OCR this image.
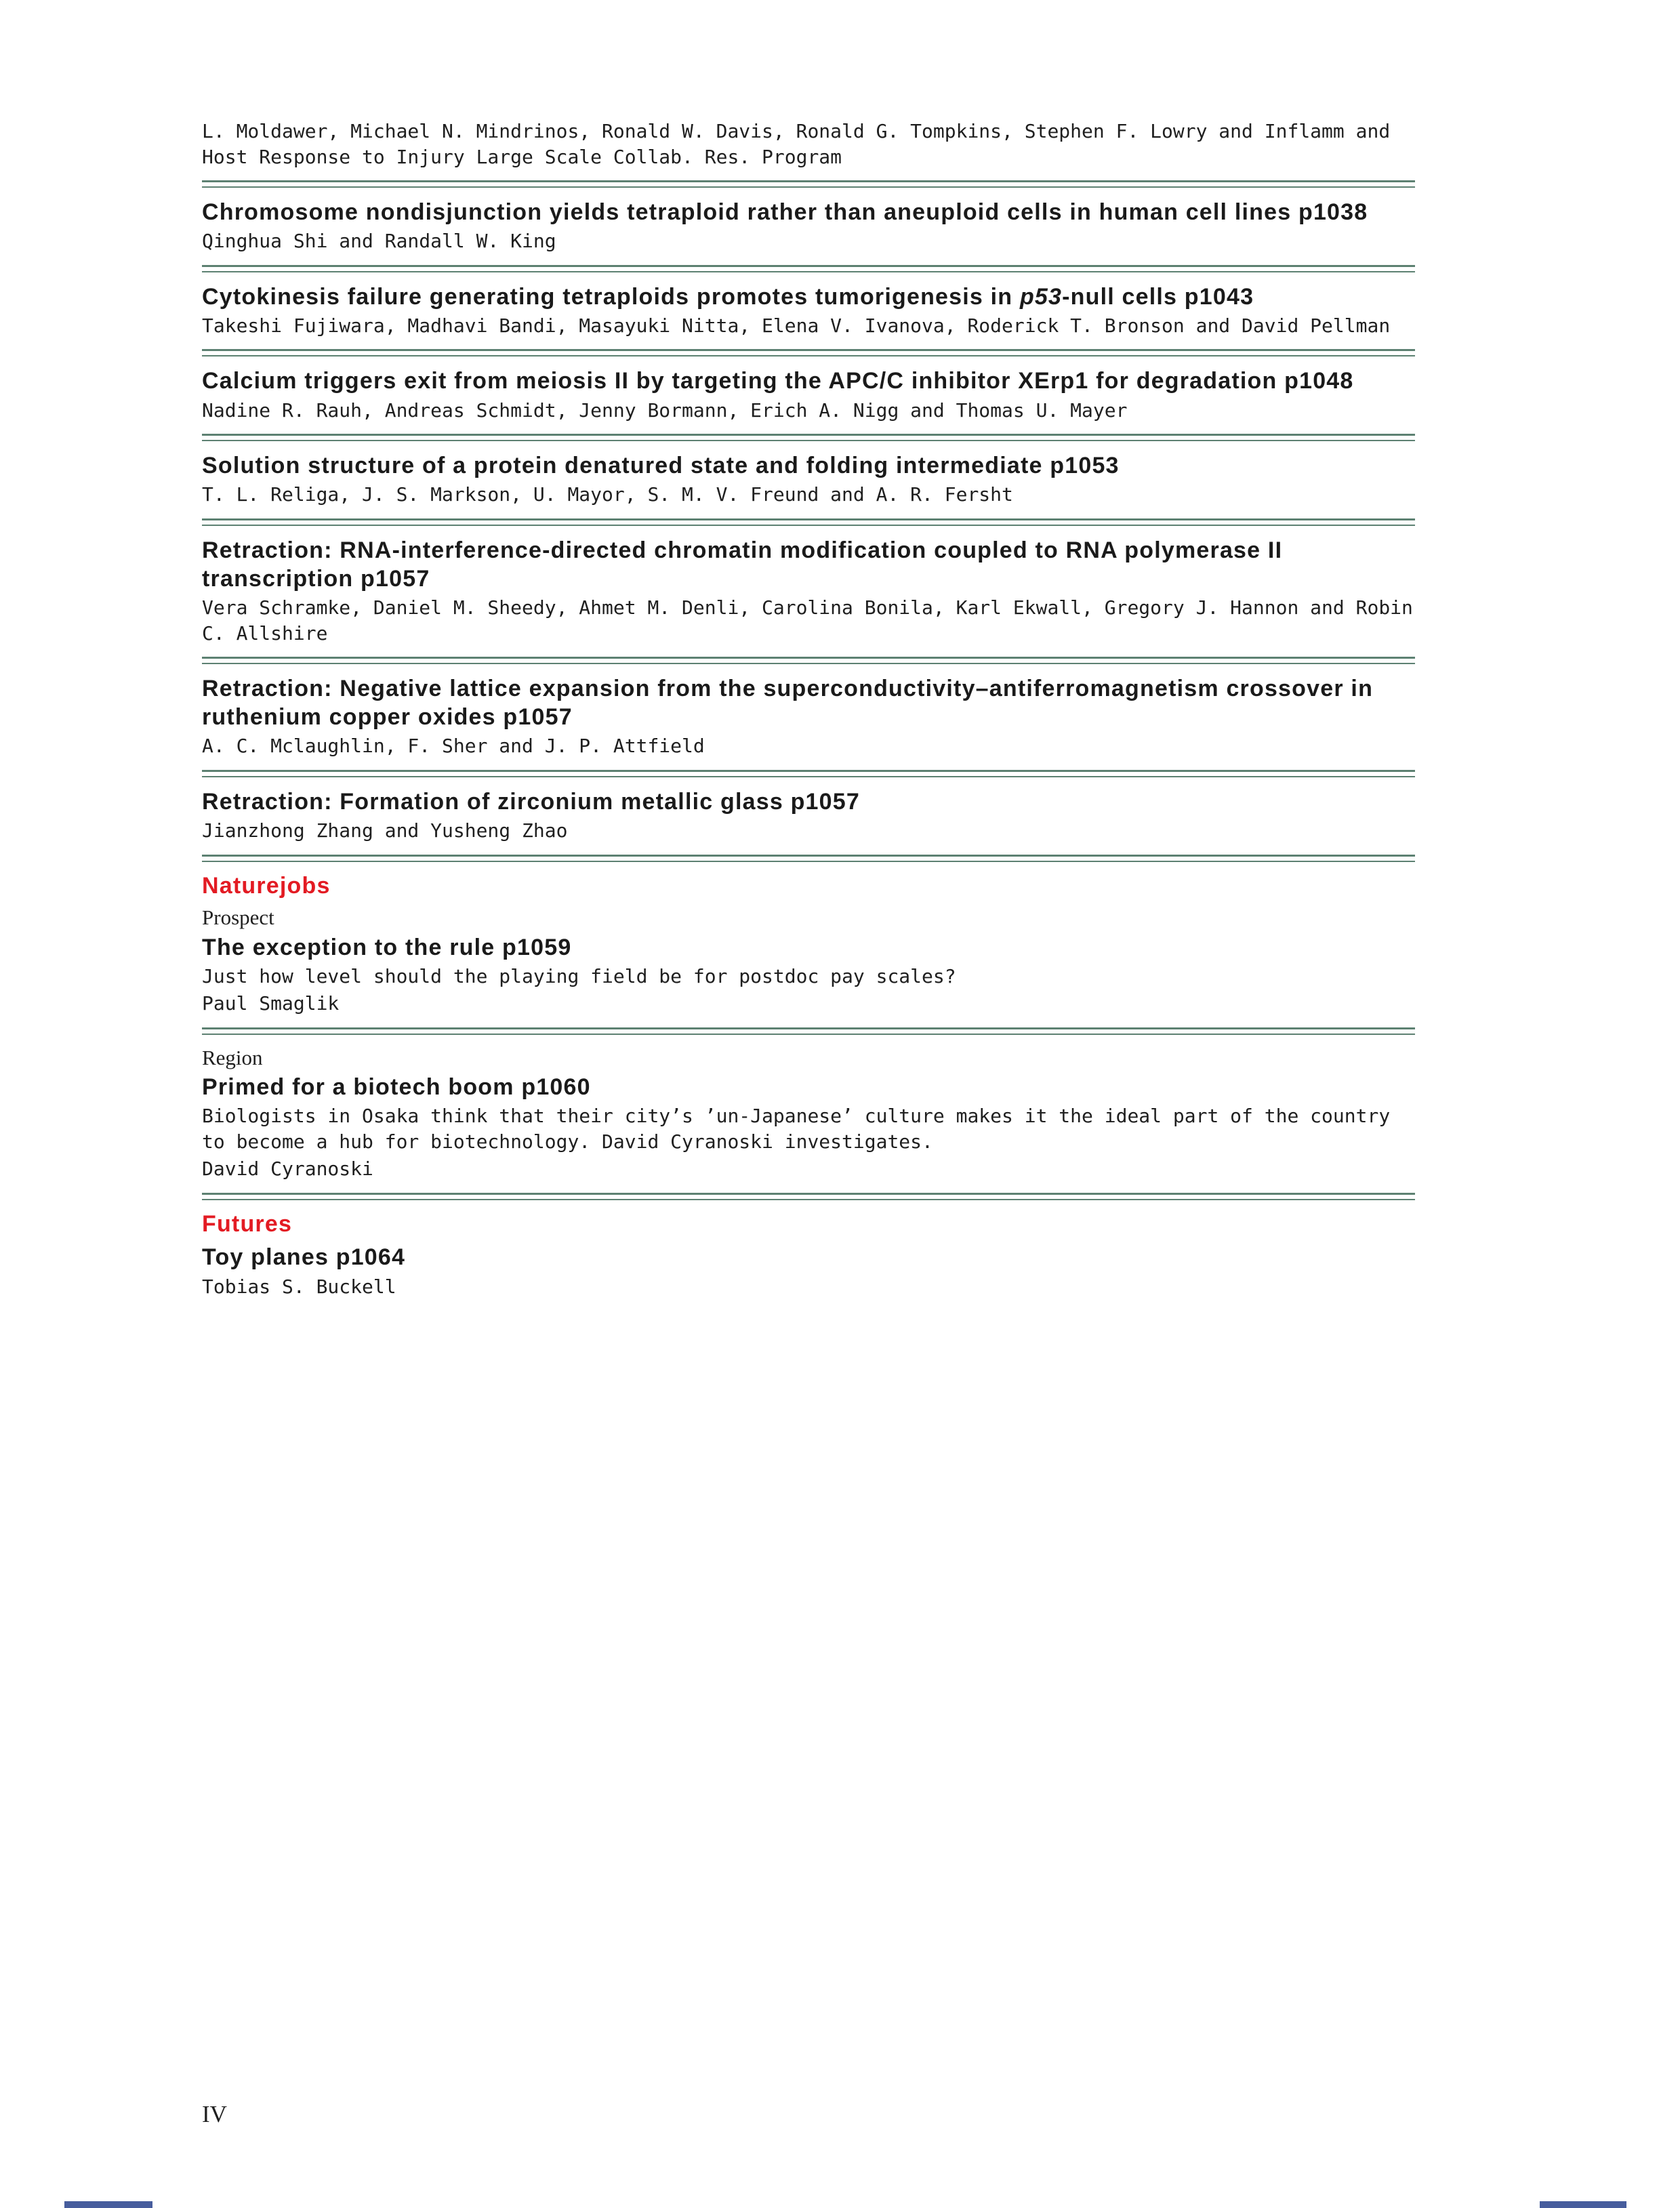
L. Moldawer, Michael N. Mindrinos, Ronald W. Davis, Ronald G. Tompkins, Stephen F. Lowry and Inflamm and Host Response to Injury Large Scale Collab. Res. Program

Chromosome nondisjunction yields tetraploid rather than aneuploid cells in human cell lines p1038

Qinghua Shi and Randall W. King

Cytokinesis failure generating tetraploids promotes tumorigenesis in p53-null cells p1043

Takeshi Fujiwara, Madhavi Bandi, Masayuki Nitta, Elena V. Ivanova, Roderick T. Bronson and David Pellman

Calcium triggers exit from meiosis II by targeting the APC/C inhibitor XErp1 for degradation p1048

Nadine R. Rauh, Andreas Schmidt, Jenny Bormann, Erich A. Nigg and Thomas U. Mayer

Solution structure of a protein denatured state and folding intermediate p1053

T. L. Religa, J. S. Markson, U. Mayor, S. M. V. Freund and A. R. Fersht

Retraction: RNA-interference-directed chromatin modification coupled to RNA polymerase II transcription p1057

Vera Schramke, Daniel M. Sheedy, Ahmet M. Denli, Carolina Bonila, Karl Ekwall, Gregory J. Hannon and Robin C. Allshire

Retraction: Negative lattice expansion from the superconductivity–antiferromagnetism crossover in ruthenium copper oxides p1057

A. C. Mclaughlin, F. Sher and J. P. Attfield

Retraction: Formation of zirconium metallic glass p1057

Jianzhong Zhang and Yusheng Zhao

Naturejobs

Prospect

The exception to the rule p1059

Just how level should the playing field be for postdoc pay scales?

Paul Smaglik

Region

Primed for a biotech boom p1060

Biologists in Osaka think that their city’s ’un-Japanese’ culture makes it the ideal part of the country to become a hub for biotechnology. David Cyranoski investigates.

David Cyranoski

Futures
Toy planes p1064

Tobias S. Buckell

IV
